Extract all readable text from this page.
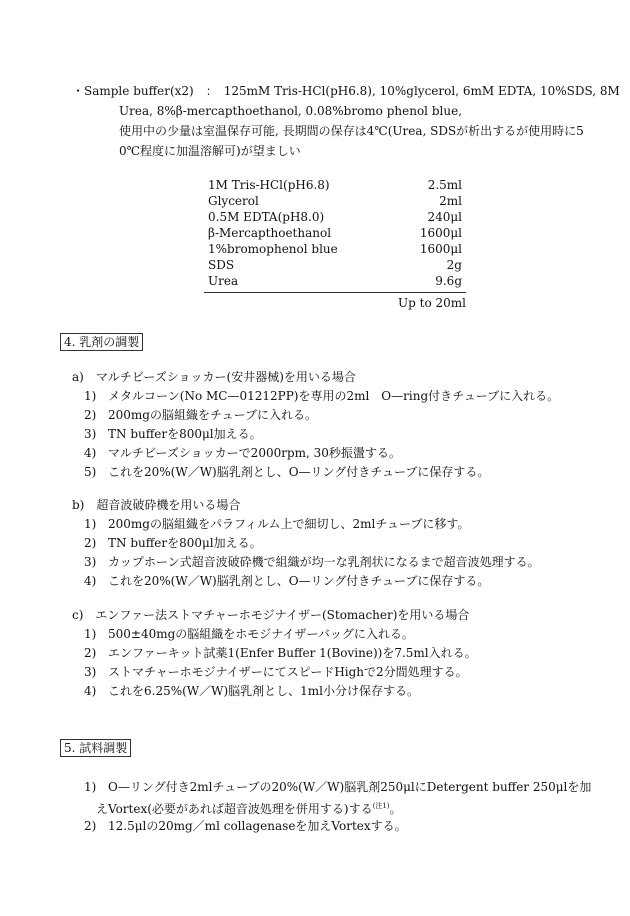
・Sample buffer(x2)　：　125mM Tris-HCl(pH6.8), 10%glycerol, 6mM EDTA, 10%SDS, 8M
Urea, 8%β-mercapthoethanol, 0.08%bromo phenol blue,
使用中の少量は室温保存可能, 長期間の保存は4℃(Urea, SDSが析出するが使用時に5
0℃程度に加温溶解可)が望ましい
1M Tris-HCl(pH6.8)	2.5ml
Glycerol	2ml
0.5M EDTA(pH8.0)	240μl
β-Mercapthoethanol	1600μl
1%bromophenol blue	1600μl
SDS	2g
Urea	9.6g
Up to 20ml
4. 乳剤の調製
a)　マルチビーズショッカー(安井器械)を用いる場合
1) メタルコーン(No MC—01212PP)を専用の2ml　O—ring付きチューブに入れる。
2) 200mgの脳組織をチューブに入れる。
3) TN bufferを800μl加える。
4) マルチビーズショッカーで2000rpm, 30秒振盪する。
5) これを20%(W／W)脳乳剤とし、O—リング付きチューブに保存する。
b)　超音波破砕機を用いる場合
1) 200mgの脳組織をパラフィルム上で細切し、2mlチューブに移す。
2) TN bufferを800μl加える。
3) カップホーン式超音波破砕機で組織が均一な乳剤状になるまで超音波処理する。
4) これを20%(W／W)脳乳剤とし、O—リング付きチューブに保存する。
c)　エンファー法ストマチャーホモジナイザー(Stomacher)を用いる場合
1) 500±40mgの脳組織をホモジナイザーバッグに入れる。
2) エンファーキット試薬1(Enfer Buffer 1(Bovine))を7.5ml入れる。
3) ストマチャーホモジナイザーにてスピードHighで2分間処理する。
4) これを6.25%(W／W)脳乳剤とし、1ml小分け保存する。
5. 試料調製
1) O—リング付き2mlチューブの20%(W／W)脳乳剤250μlにDetergent buffer 250μlを加
えVortex(必要があれば超音波処理を併用する)する$^{(注1)}$。
2) 12.5μlの20mg／ml collagenaseを加えVortexする。
